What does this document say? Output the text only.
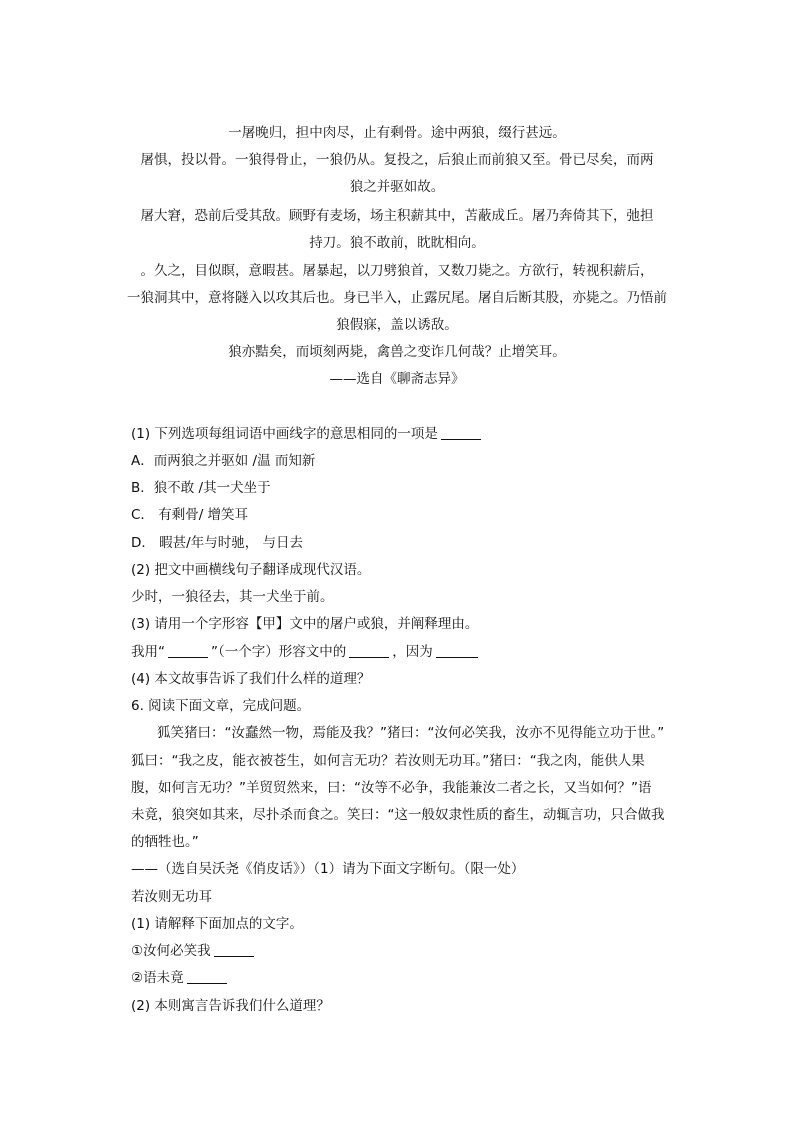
一屠晚归，担中肉尽，止有剩骨。途中两狼，缀行甚远。
屠惧，投以骨。一狼得骨止，一狼仍从。复投之，后狼止而前狼又至。骨已尽矣，而两
狼之并驱如故。
屠大窘，恐前后受其敌。顾野有麦场，场主积薪其中，苫蔽成丘。屠乃奔倚其下，弛担
持刀。狼不敢前，眈眈相向。
。久之，目似瞑，意暇甚。屠暴起，以刀劈狼首，又数刀毙之。方欲行，转视积薪后，
一狼洞其中，意将隧入以攻其后也。身已半入，止露尻尾。屠自后断其股，亦毙之。乃悟前
狼假寐，盖以诱敌。
狼亦黠矣，而顷刻两毙，禽兽之变诈几何哉？止增笑耳。
——选自《聊斋志异》
(1) 下列选项每组词语中画线字的意思相同的一项是
A．而两狼之并驱如 /温 而知新
B．狼不敢 /其一犬坐于
C． 有剩骨/ 增笑耳
D． 暇甚/年与时驰， 与日去
(2) 把文中画横线句子翻译成现代汉语。
少时，一狼径去，其一犬坐于前。
(3) 请用一个字形容【甲】文中的屠户或狼，并阐释理由。
我用“	”（一个字）形容文中的	，因为
(4) 本文故事告诉了我们什么样的道理？
6. 阅读下面文章，完成问题。
狐笑猪曰：“汝蠢然一物，焉能及我？”猪曰：“汝何必笑我，汝亦不见得能立功于世。”
狐曰：“我之皮，能衣被苍生，如何言无功？若汝则无功耳。”猪曰：“我之肉，能供人果
腹，如何言无功？”羊贸贸然来，曰：“汝等不必争，我能兼汝二者之长，又当如何？”语
未竟，狼突如其来，尽扑杀而食之。笑曰：“这一般奴隶性质的畜生，动辄言功，只合做我
的牺牲也。”
——（选自吴沃尧《俏皮话》）（1）请为下面文字断句。（限一处）
若汝则无功耳
(1) 请解释下面加点的文字。
①汝何必笑我
②语未竟
(2) 本则寓言告诉我们什么道理？
